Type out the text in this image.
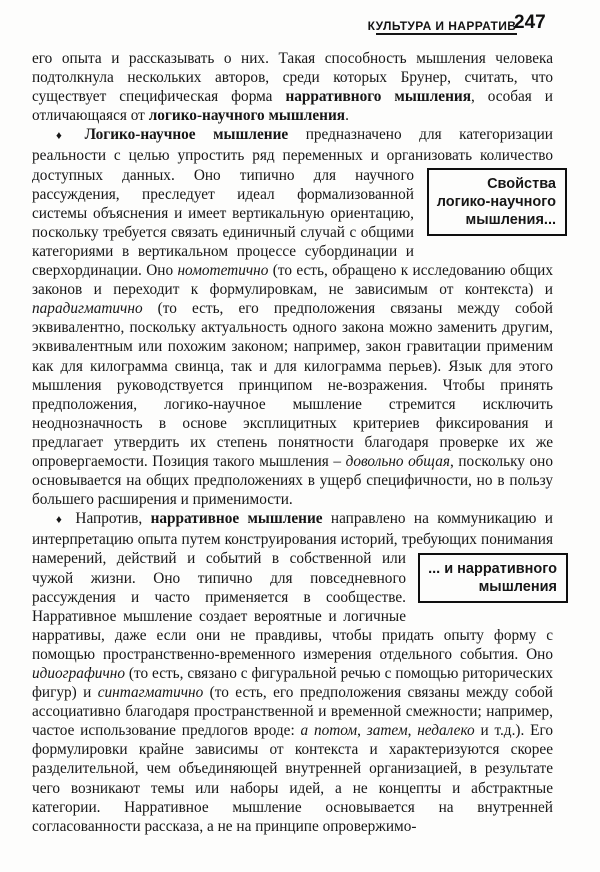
КУЛЬТУРА И НАРРАТИВ
247

его опыта и рассказывать о них. Такая способность мышления человека подтолкнула нескольких авторов, среди которых Брунер, считать, что существует специфическая форма нарративного мышления, особая и отличающаяся от логико-научного мышления.

♦ Логико-научное мышление предназначено для категоризации реальности с целью упростить ряд переменных и организовать количество доступных данных.	Свойства
логико-научного
мышления...
Оно типично для научного рассуждения, преследует идеал формализованной системы объяснения и имеет вертикальную ориентацию, поскольку требуется связать единичный случай с общими категориями в вертикальном процессе субординации и сверхординации. Оно номотетично (то есть, обращено к исследованию общих законов и переходит к формулировкам, не зависимым от контекста) и парадигматично (то есть, его предположения связаны между собой эквивалентно, поскольку актуальность одного закона можно заменить другим, эквивалентным или похожим законом; например, закон гравитации применим как для килограмма свинца, так и для килограмма перьев). Язык для этого мышления руководствуется принципом не-возражения. Чтобы принять предположения, логико-научное мышление стремится исключить неоднозначность в основе эксплицитных критериев фиксирования и предлагает утвердить их степень понятности благодаря проверке их же опровергаемости. Позиция такого мышления – довольно общая, поскольку оно основывается на общих предположениях в ущерб специфичности, но в пользу большего расширения и применимости.

♦ Напротив, нарративное мышление направлено на коммуникацию и интерпретацию опыта путем конструирования историй, требующих
... и нарративного
мышления
понимания намерений, действий и событий в собственной или чужой жизни. Оно типично для повседневного рассуждения и часто применяется в сообществе. Нарративное мышление создает вероятные и логичные нарративы, даже если они не правдивы, чтобы придать опыту форму с помощью пространственно-временного измерения отдельного события. Оно идиографично (то есть, связано с фигуральной речью с помощью риторических фигур) и синтагматично (то есть, его предположения связаны между собой ассоциативно благодаря пространственной и временной смежности; например, частое использование предлогов вроде: а потом, затем, недалеко и т.д.). Его формулировки крайне зависимы от контекста и характеризуются скорее разделительной, чем объединяющей внутренней организацией, в результате чего возникают темы или наборы идей, а не концепты и абстрактные категории. Нарративное мышление основывается на внутренней согласованности рассказа, а не на принципе опровержимо-
